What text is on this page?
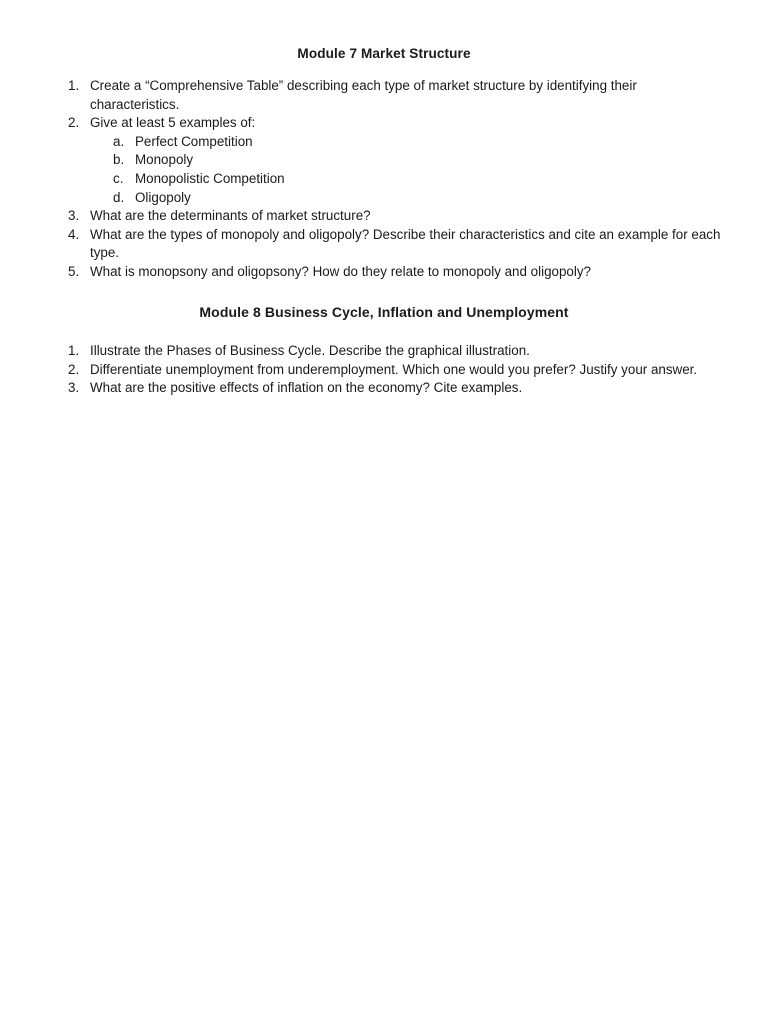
Module 7 Market Structure
1. Create a “Comprehensive Table” describing each type of market structure by identifying their characteristics.
2. Give at least 5 examples of:
a. Perfect Competition
b. Monopoly
c. Monopolistic Competition
d. Oligopoly
3. What are the determinants of market structure?
4. What are the types of monopoly and oligopoly? Describe their characteristics and cite an example for each type.
5. What is monopsony and oligopsony? How do they relate to monopoly and oligopoly?
Module 8 Business Cycle, Inflation and Unemployment
1. Illustrate the Phases of Business Cycle. Describe the graphical illustration.
2. Differentiate unemployment from underemployment. Which one would you prefer? Justify your answer.
3. What are the positive effects of inflation on the economy? Cite examples.
